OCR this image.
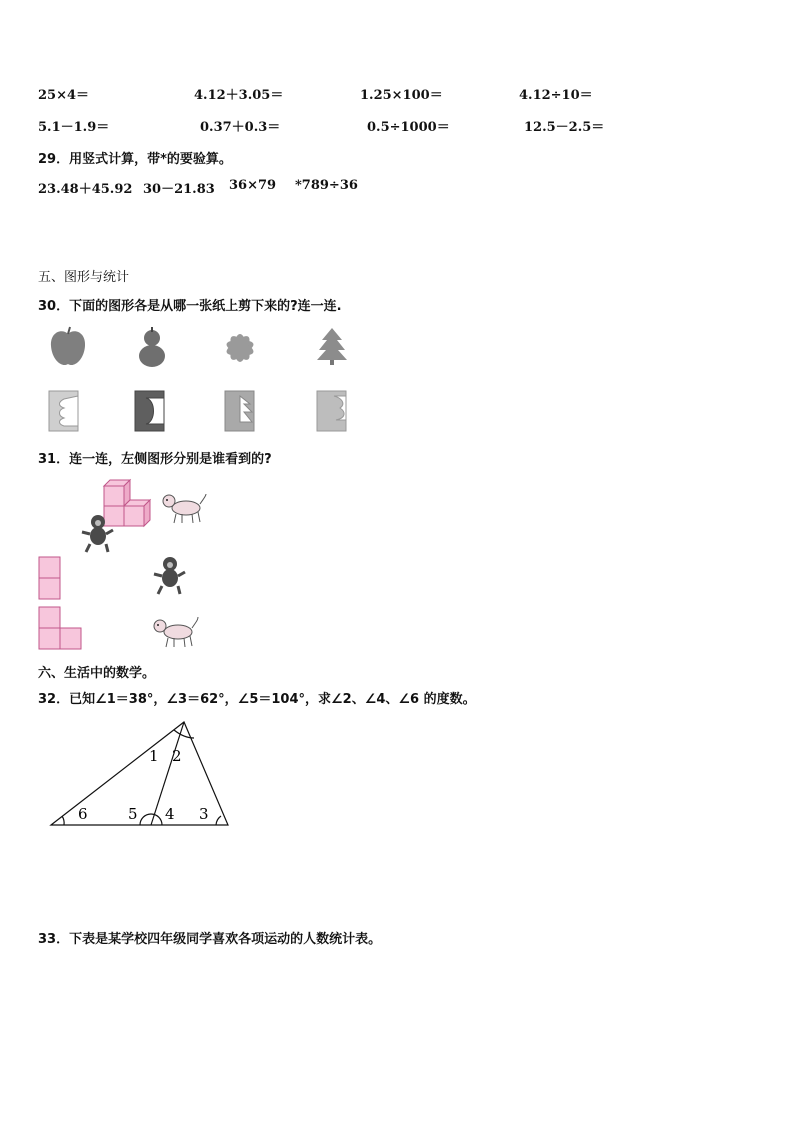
25×4＝	4.12＋3.05＝	1.25×100＝	4.12÷10＝
5.1－1.9＝	0.37＋0.3＝	0.5÷1000＝	12.5－2.5＝
29．用竖式计算，带*的要验算。
23.48＋45.92 30－21.83 36×79 *789÷36
五、图形与统计
30．下面的图形各是从哪一张纸上剪下来的?连一连.
31．连一连，左侧图形分别是谁看到的?
六、生活中的数学。
32．已知∠1＝38°，∠3＝62°，∠5＝104°，求∠2、∠4、∠6 的度数。
1 2
6	5 4 3
33．下表是某学校四年级同学喜欢各项运动的人数统计表。
